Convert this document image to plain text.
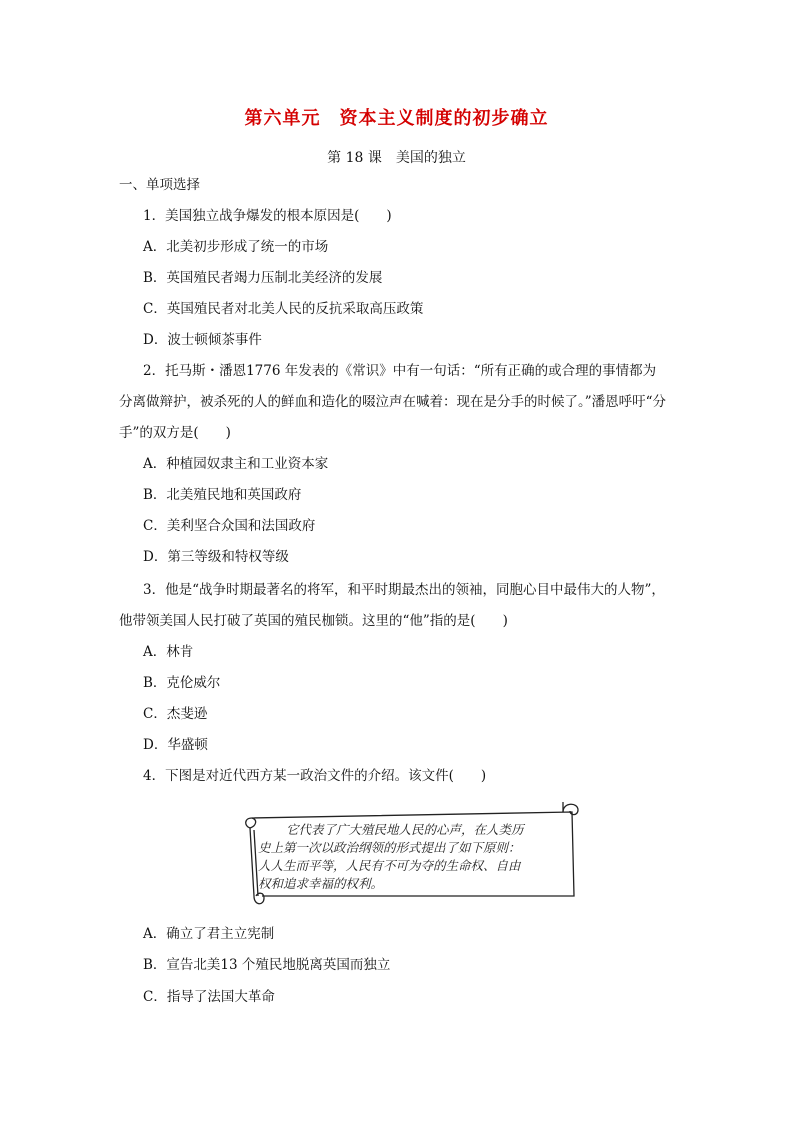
第六单元　资本主义制度的初步确立
第 18 课　美国的独立
一、单项选择
1．美国独立战争爆发的根本原因是(　　)
A．北美初步形成了统一的市场
B．英国殖民者竭力压制北美经济的发展
C．英国殖民者对北美人民的反抗采取高压政策
D．波士顿倾茶事件
2．托马斯・潘恩1776 年发表的《常识》中有一句话：“所有正确的或合理的事情都为
分离做辩护，被杀死的人的鲜血和造化的啜泣声在喊着：现在是分手的时候了。”潘恩呼吁“分
手”的双方是(　　)
A．种植园奴隶主和工业资本家
B．北美殖民地和英国政府
C．美利坚合众国和法国政府
D．第三等级和特权等级
3．他是“战争时期最著名的将军，和平时期最杰出的领袖，同胞心目中最伟大的人物”，
他带领美国人民打破了英国的殖民枷锁。这里的“他”指的是(　　)
A．林肯
B．克伦威尔
C．杰斐逊
D．华盛顿
4．下图是对近代西方某一政治文件的介绍。该文件(　　)
它代表了广大殖民地人民的心声，在人类历
史上第一次以政治纲领的形式提出了如下原则：
人人生而平等，人民有不可为夺的生命权、自由
权和追求幸福的权利。
A．确立了君主立宪制
B．宣告北美13 个殖民地脱离英国而独立
C．指导了法国大革命
